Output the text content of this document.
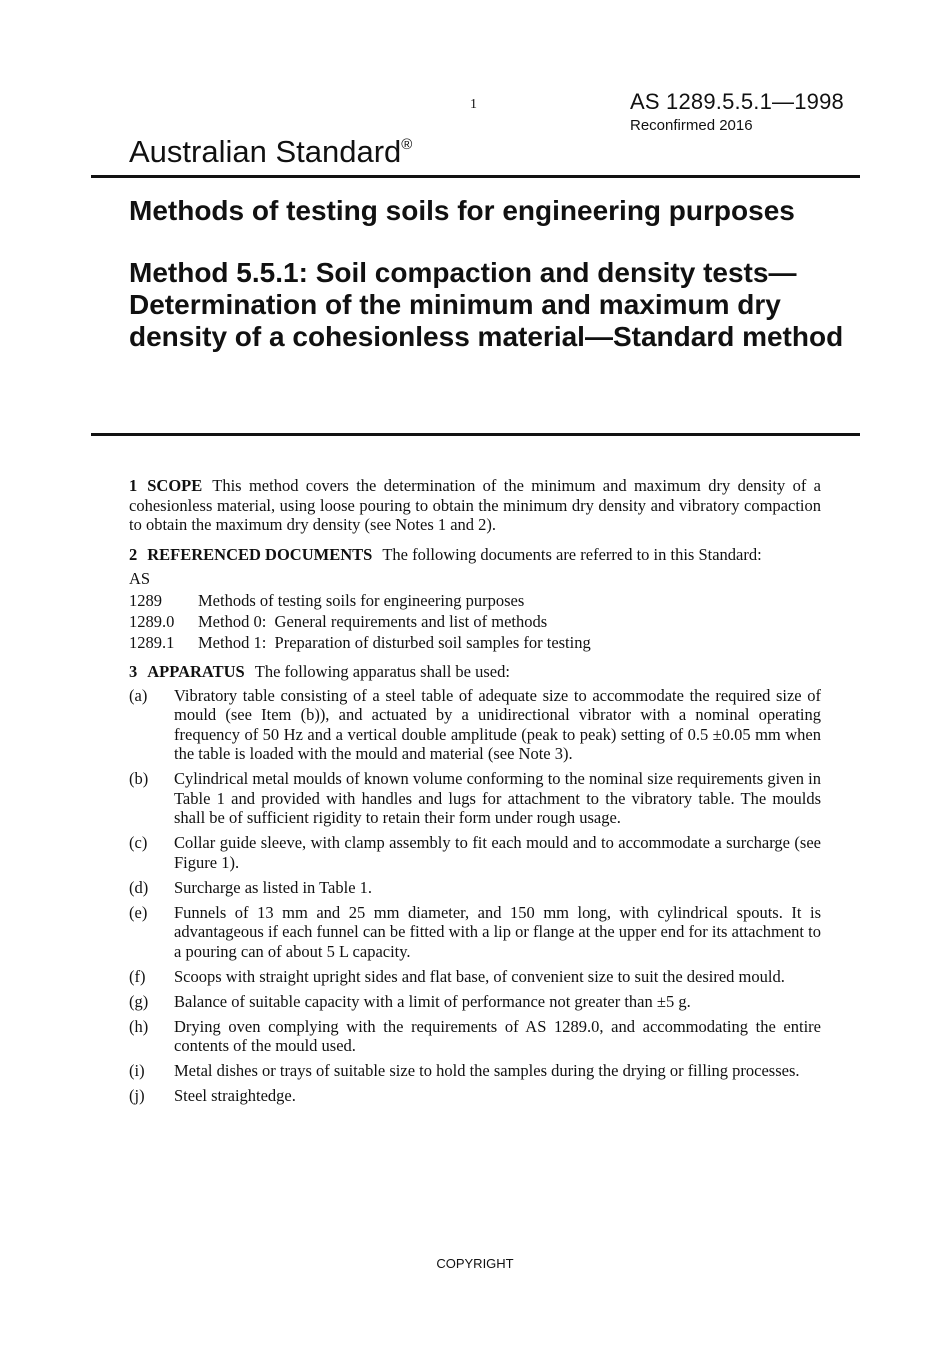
1	AS 1289.5.5.1—1998
Reconfirmed 2016
Australian Standard®
Methods of testing soils for engineering purposes
Method 5.5.1: Soil compaction and density tests—Determination of the minimum and maximum dry density of a cohesionless material—Standard method

1 SCOPE This method covers the determination of the minimum and maximum dry density of a cohesionless material, using loose pouring to obtain the minimum dry density and vibratory compaction to obtain the maximum dry density (see Notes 1 and 2).

2 REFERENCED DOCUMENTS The following documents are referred to in this Standard:

AS
1289	Methods of testing soils for engineering purposes
1289.0	Method 0:  General requirements and list of methods
1289.1	Method 1:  Preparation of disturbed soil samples for testing

3 APPARATUS The following apparatus shall be used:

(a)	Vibratory table consisting of a steel table of adequate size to accommodate the required size of mould (see Item (b)), and actuated by a unidirectional vibrator with a nominal operating frequency of 50 Hz and a vertical double amplitude (peak to peak) setting of 0.5 ±0.05 mm when the table is loaded with the mould and material (see Note 3).
(b)	Cylindrical metal moulds of known volume conforming to the nominal size requirements given in Table 1 and provided with handles and lugs for attachment to the vibratory table. The moulds shall be of sufficient rigidity to retain their form under rough usage.
(c)	Collar guide sleeve, with clamp assembly to fit each mould and to accommodate a surcharge (see Figure 1).
(d)	Surcharge as listed in Table 1.
(e)	Funnels of 13 mm and 25 mm diameter, and 150 mm long, with cylindrical spouts. It is advantageous if each funnel can be fitted with a lip or flange at the upper end for its attachment to a pouring can of about 5 L capacity.
(f)	Scoops with straight upright sides and flat base, of convenient size to suit the desired mould.
(g)	Balance of suitable capacity with a limit of performance not greater than ±5 g.
(h)	Drying oven complying with the requirements of AS 1289.0, and accommodating the entire contents of the mould used.
(i)	Metal dishes or trays of suitable size to hold the samples during the drying or filling processes.
(j)	Steel straightedge.
COPYRIGHT
